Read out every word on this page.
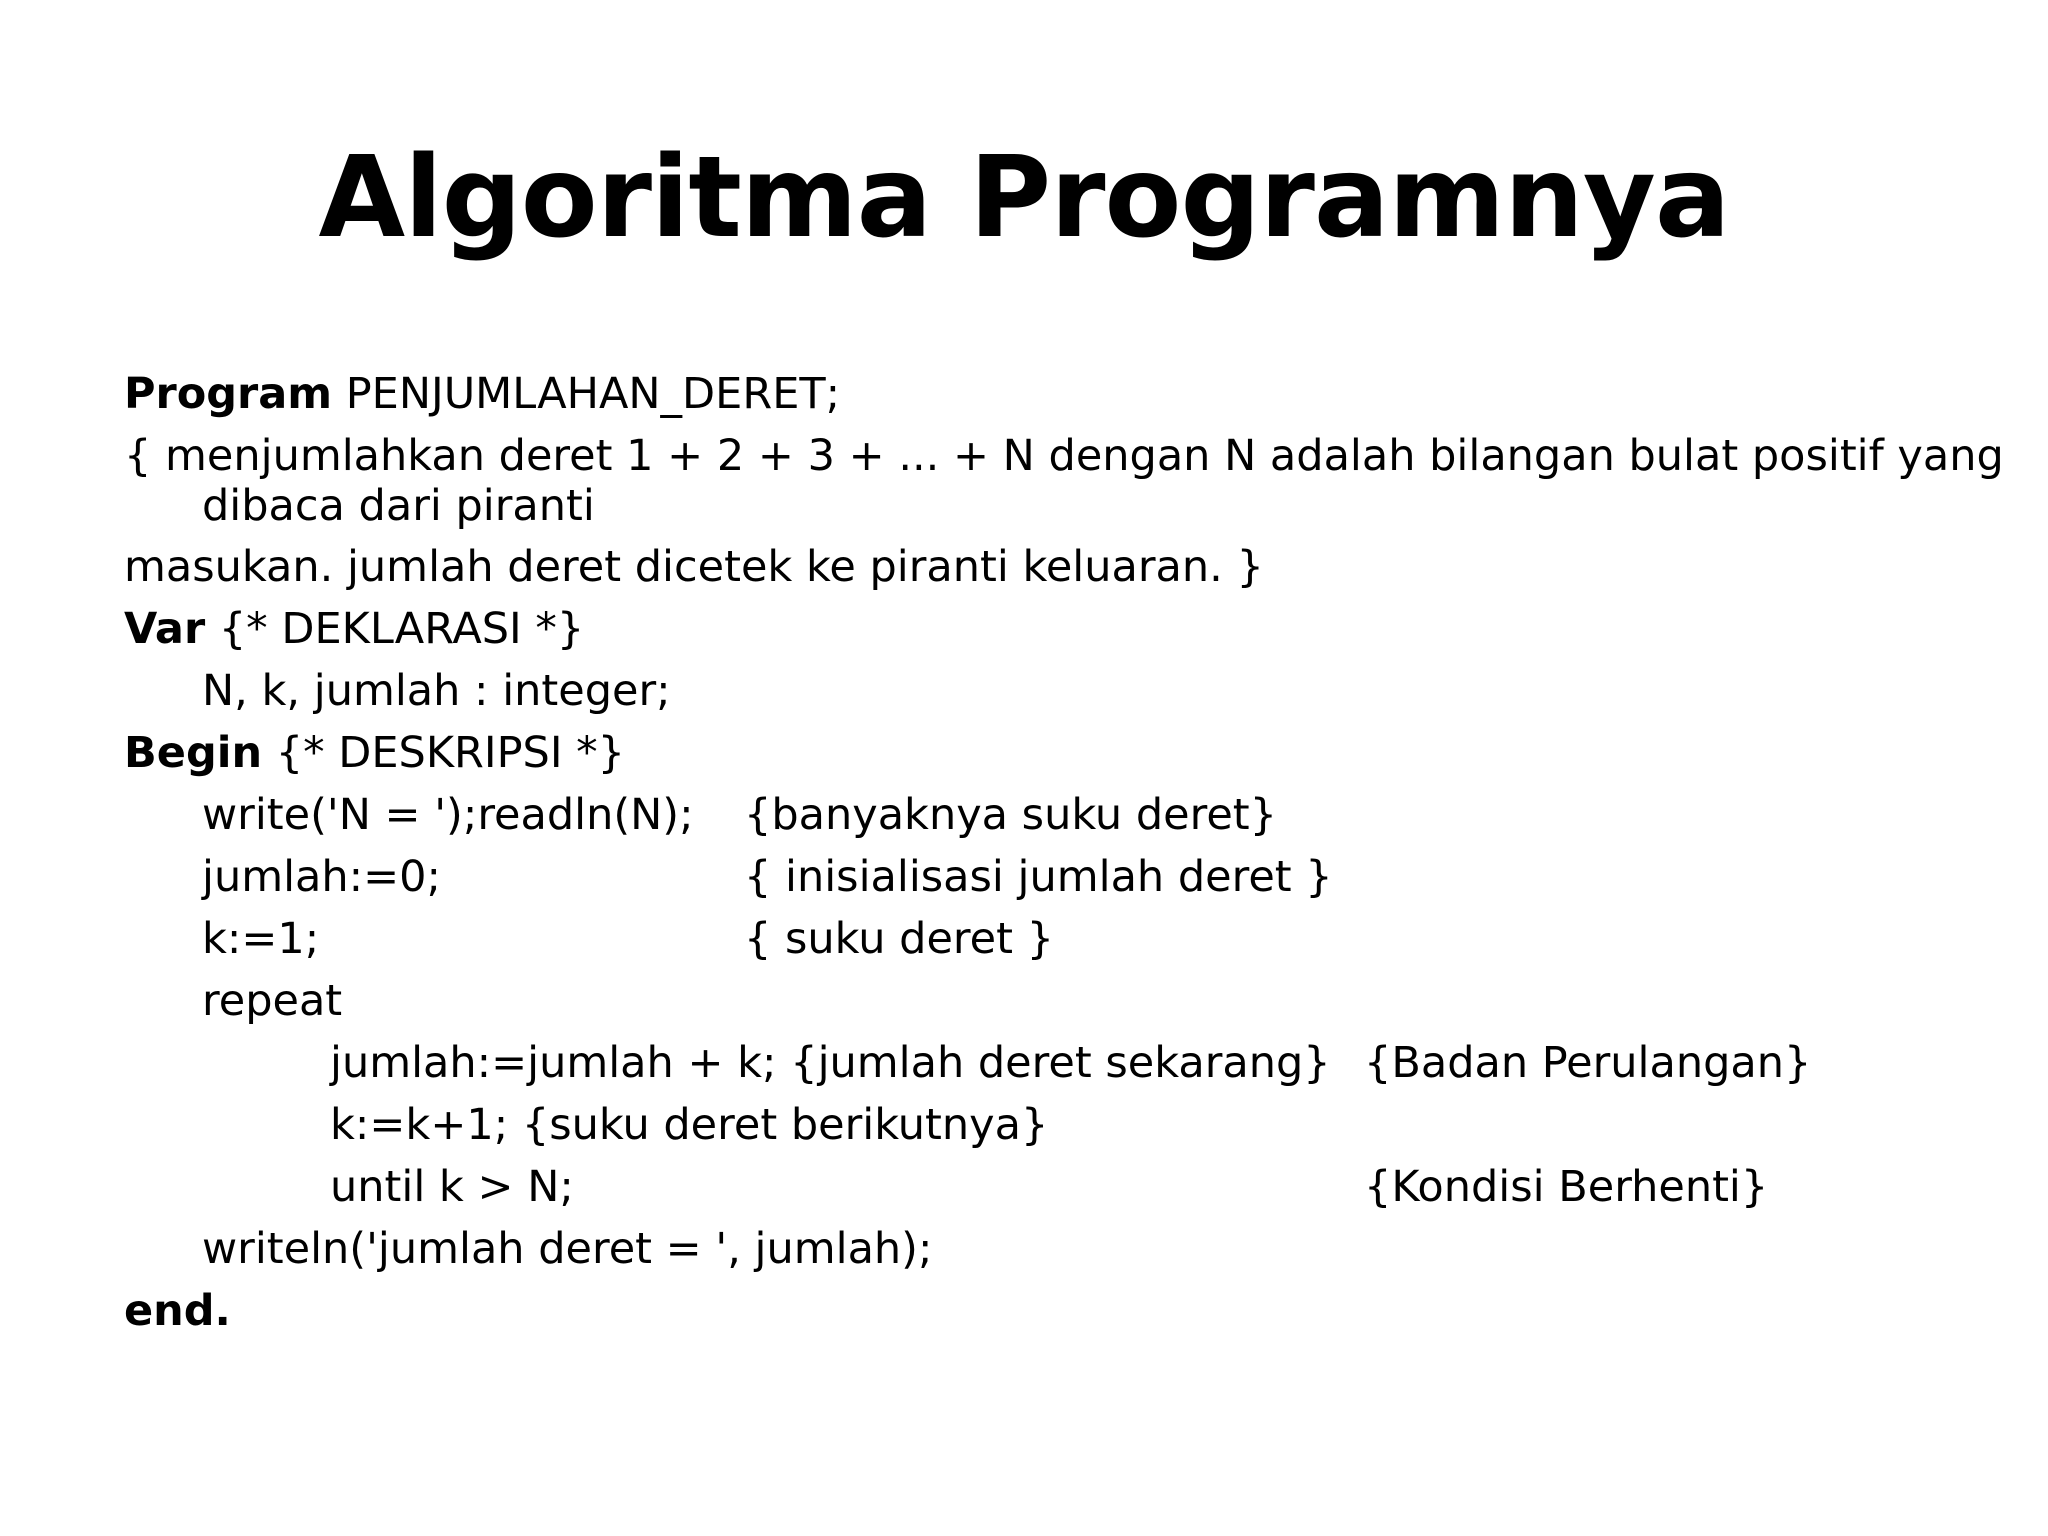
Algoritma Programnya
Program PENJUMLAHAN_DERET;
{ menjumlahkan deret 1 + 2 + 3 + ... + N dengan N adalah bilangan bulat positif yang
dibaca dari piranti
masukan. jumlah deret dicetek ke piranti keluaran. }
Var {* DEKLARASI *}
N, k, jumlah : integer;
Begin {* DESKRIPSI *}
write('N = ');readln(N); {banyaknya suku deret}
jumlah:=0;	{ inisialisasi jumlah deret }
k:=1;	{ suku deret }
repeat
jumlah:=jumlah + k; {jumlah deret sekarang} {Badan Perulangan}
k:=k+1; {suku deret berikutnya}
until k > N;	{Kondisi Berhenti}
writeln('jumlah deret = ', jumlah);
end.
